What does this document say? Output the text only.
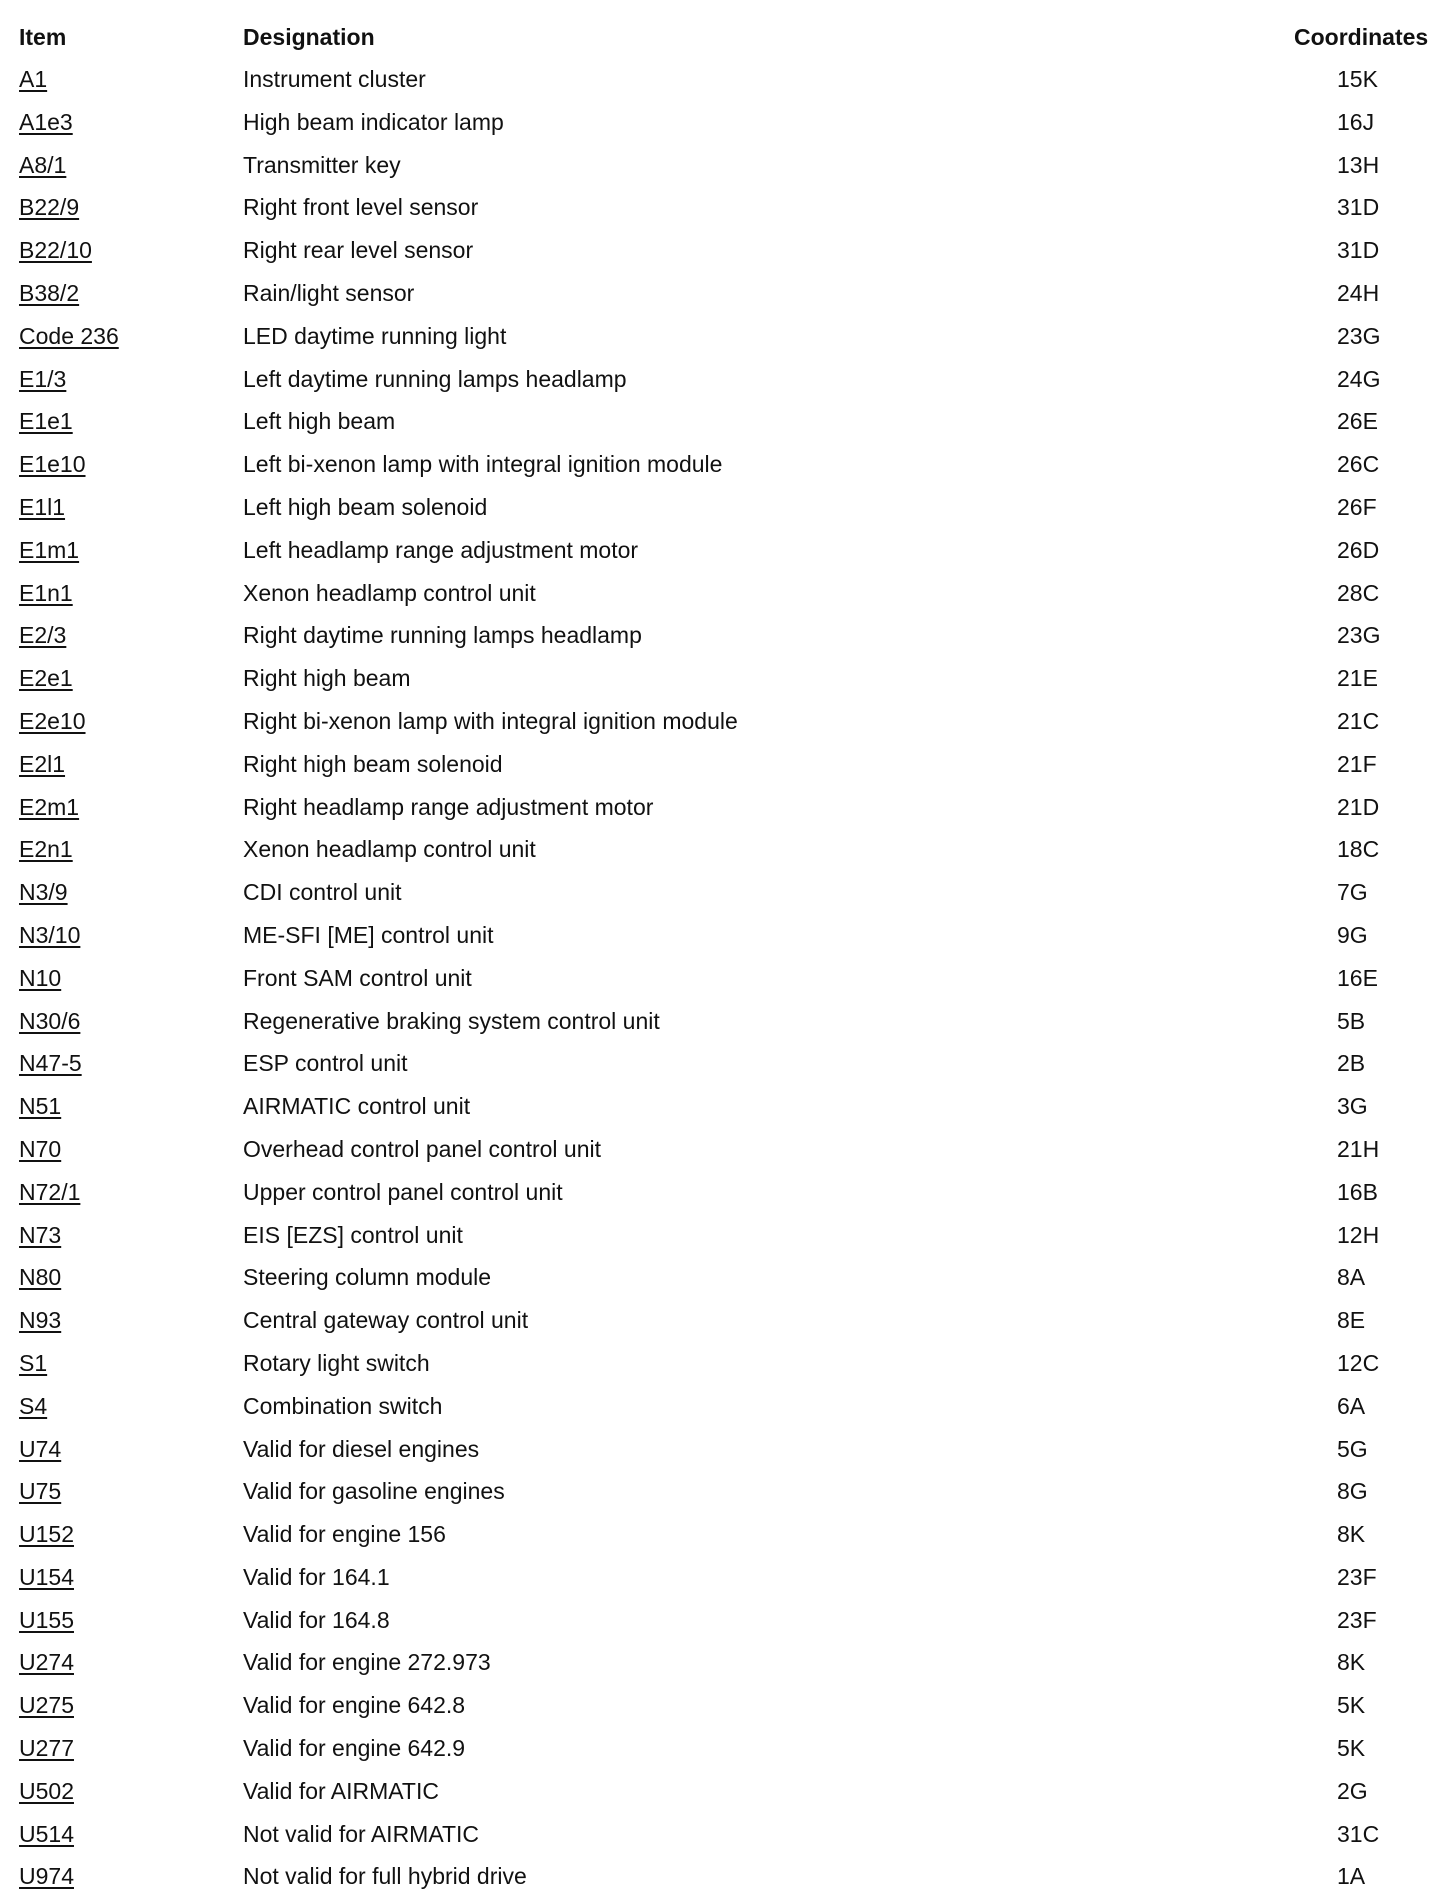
Item	Designation	Coordinates
A1	Instrument cluster	15K
A1e3	High beam indicator lamp	16J
A8/1	Transmitter key	13H
B22/9	Right front level sensor	31D
B22/10	Right rear level sensor	31D
B38/2	Rain/light sensor	24H
Code 236	LED daytime running light	23G
E1/3	Left daytime running lamps headlamp	24G
E1e1	Left high beam	26E
E1e10	Left bi-xenon lamp with integral ignition module	26C
E1l1	Left high beam solenoid	26F
E1m1	Left headlamp range adjustment motor	26D
E1n1	Xenon headlamp control unit	28C
E2/3	Right daytime running lamps headlamp	23G
E2e1	Right high beam	21E
E2e10	Right bi-xenon lamp with integral ignition module	21C
E2l1	Right high beam solenoid	21F
E2m1	Right headlamp range adjustment motor	21D
E2n1	Xenon headlamp control unit	18C
N3/9	CDI control unit	7G
N3/10	ME-SFI [ME] control unit	9G
N10	Front SAM control unit	16E
N30/6	Regenerative braking system control unit	5B
N47-5	ESP control unit	2B
N51	AIRMATIC control unit	3G
N70	Overhead control panel control unit	21H
N72/1	Upper control panel control unit	16B
N73	EIS [EZS] control unit	12H
N80	Steering column module	8A
N93	Central gateway control unit	8E
S1	Rotary light switch	12C
S4	Combination switch	6A
U74	Valid for diesel engines	5G
U75	Valid for gasoline engines	8G
U152	Valid for engine 156	8K
U154	Valid for 164.1	23F
U155	Valid for 164.8	23F
U274	Valid for engine 272.973	8K
U275	Valid for engine 642.8	5K
U277	Valid for engine 642.9	5K
U502	Valid for AIRMATIC	2G
U514	Not valid for AIRMATIC	31C
U974	Not valid for full hybrid drive	1A
